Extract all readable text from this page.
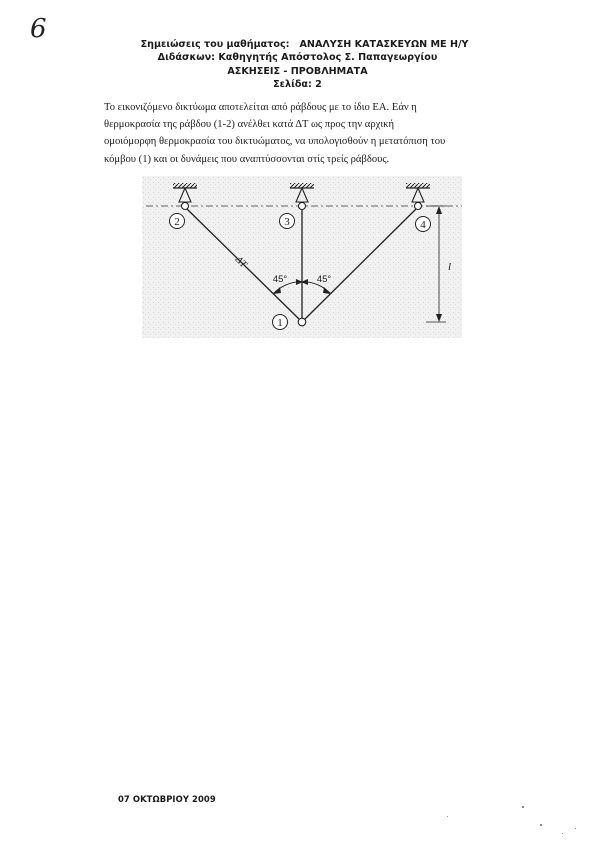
6
Σημειώσεις του μαθήματος: ΑΝΑΛΥΣΗ ΚΑΤΑΣΚΕΥΩΝ ΜΕ Η/Υ
Διδάσκων: Καθηγητής Απόστολος Σ. Παπαγεωργίου
ΑΣΚΗΣΕΙΣ - ΠΡΟΒΛΗΜΑΤΑ
Σελίδα: 2
Το εικονιζόμενο δικτύωμα αποτελείται από ράβδους με το ίδιο EA. Εάν η
θερμοκρασία της ράβδου (1-2) ανέλθει κατά ΔT ως προς την αρχική
ομοιόμορφη θερμοκρασία του δικτυώματος, να υπολογισθούν η μετατόπιση του
κόμβου (1) και οι δυνάμεις που αναπτύσσονται στίς τρείς ράβδους.
2	3	4
1
ΔT
45°	45°
l
07 ΟΚΤΩΒΡΙΟΥ 2009
